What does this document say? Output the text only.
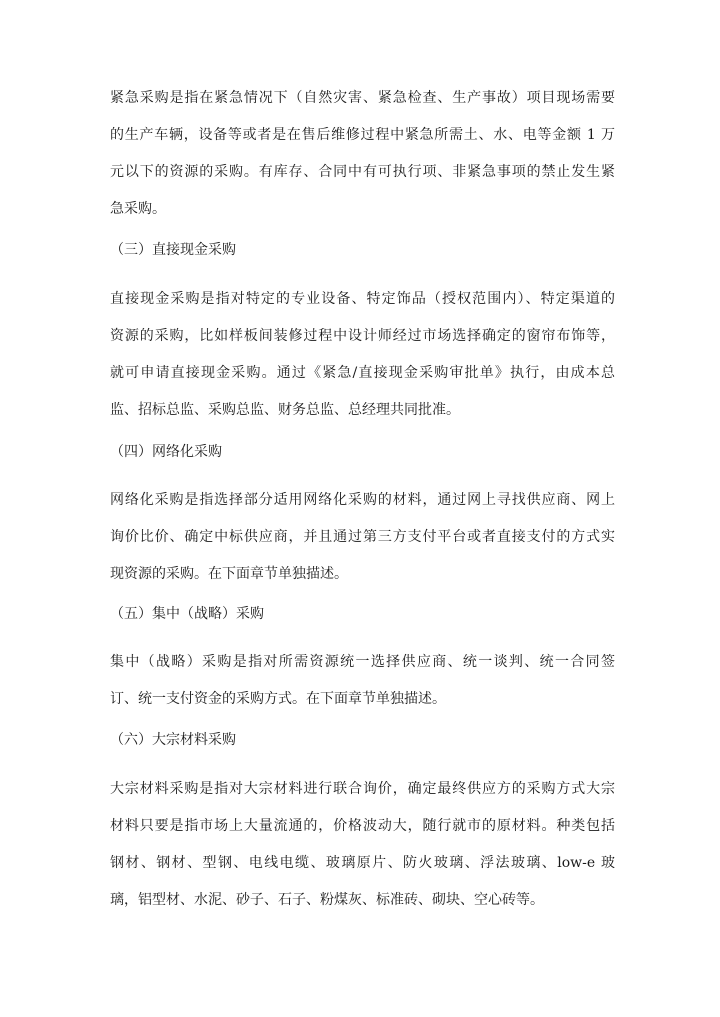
紧急采购是指在紧急情况下（自然灾害、紧急检查、生产事故）项目现场需要
的生产车辆，设备等或者是在售后维修过程中紧急所需土、水、电等金额 1 万
元以下的资源的采购。有库存、合同中有可执行项、非紧急事项的禁止发生紧
急采购。
（三）直接现金采购
直接现金采购是指对特定的专业设备、特定饰品（授权范围内）、特定渠道的
资源的采购，比如样板间装修过程中设计师经过市场选择确定的窗帘布饰等，
就可申请直接现金采购。通过《紧急/直接现金采购审批单》执行，由成本总
监、招标总监、采购总监、财务总监、总经理共同批准。
（四）网络化采购
网络化采购是指选择部分适用网络化采购的材料，通过网上寻找供应商、网上
询价比价、确定中标供应商，并且通过第三方支付平台或者直接支付的方式实
现资源的采购。在下面章节单独描述。
（五）集中（战略）采购
集中（战略）采购是指对所需资源统一选择供应商、统一谈判、统一合同签
订、统一支付资金的采购方式。在下面章节单独描述。
（六）大宗材料采购
大宗材料采购是指对大宗材料进行联合询价，确定最终供应方的采购方式大宗
材料只要是指市场上大量流通的，价格波动大，随行就市的原材料。种类包括
钢材、钢材、型钢、电线电缆、玻璃原片、防火玻璃、浮法玻璃、low-e 玻
璃，铝型材、水泥、砂子、石子、粉煤灰、标准砖、砌块、空心砖等。
